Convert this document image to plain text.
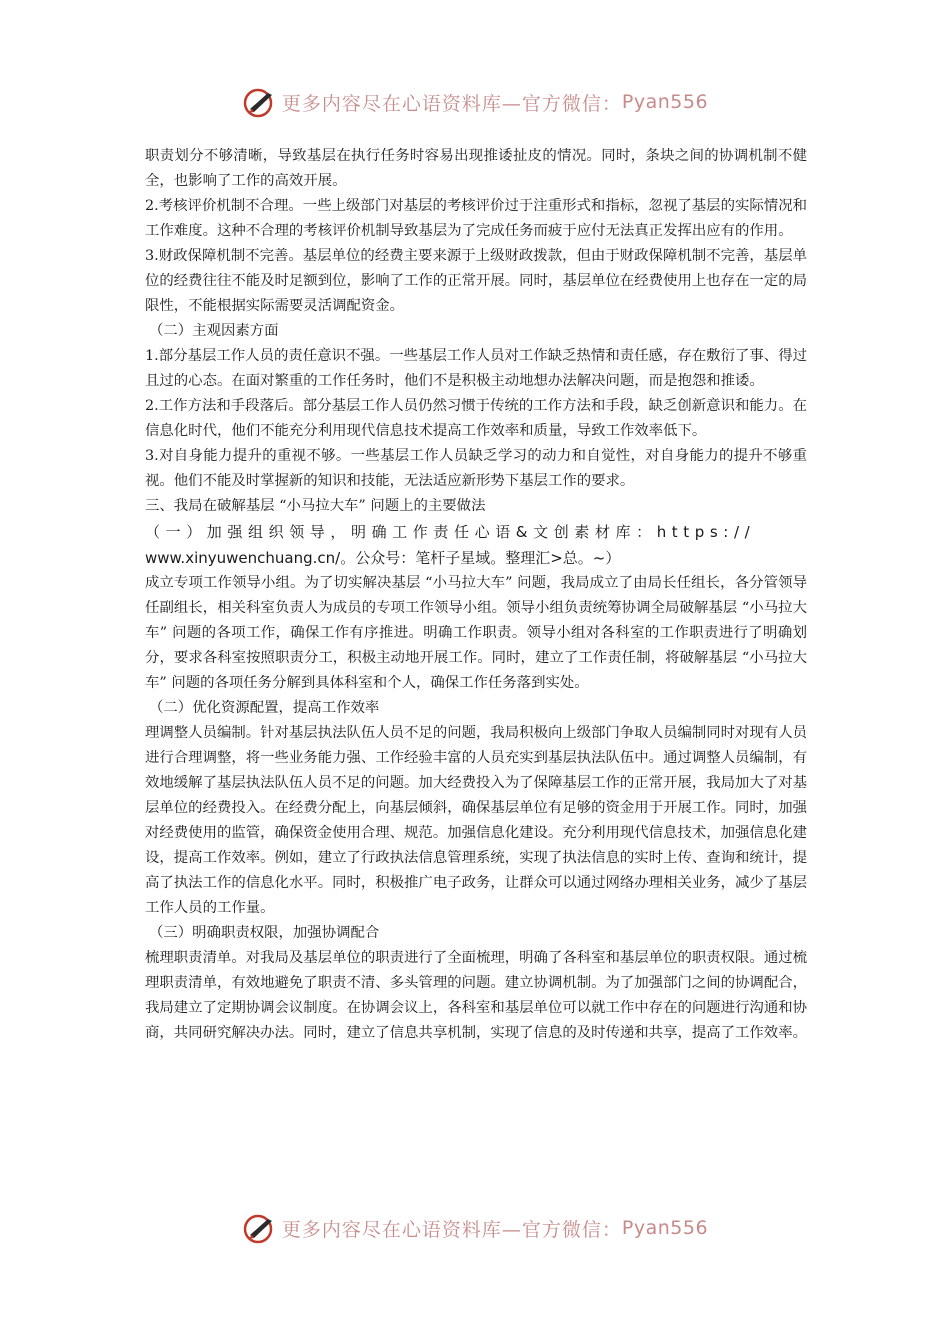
更多内容尽在心语资料库—官方微信： Pyan556

职责划分不够清晰，导致基层在执行任务时容易出现推诿扯皮的情况。同时，条块之间的协调机制不健全，也影响了工作的高效开展。

2.考核评价机制不合理。一些上级部门对基层的考核评价过于注重形式和指标，忽视了基层的实际情况和工作难度。这种不合理的考核评价机制导致基层为了完成任务而疲于应付无法真正发挥出应有的作用。

3.财政保障机制不完善。基层单位的经费主要来源于上级财政拨款，但由于财政保障机制不完善，基层单位的经费往往不能及时足额到位，影响了工作的正常开展。同时，基层单位在经费使用上也存在一定的局限性，不能根据实际需要灵活调配资金。

（二）主观因素方面

1.部分基层工作人员的责任意识不强。一些基层工作人员对工作缺乏热情和责任感，存在敷衍了事、得过且过的心态。在面对繁重的工作任务时，他们不是积极主动地想办法解决问题，而是抱怨和推诿。

2.工作方法和手段落后。部分基层工作人员仍然习惯于传统的工作方法和手段，缺乏创新意识和能力。在信息化时代，他们不能充分利用现代信息技术提高工作效率和质量，导致工作效率低下。

3.对自身能力提升的重视不够。一些基层工作人员缺乏学习的动力和自觉性，对自身能力的提升不够重视。他们不能及时掌握新的知识和技能，无法适应新形势下基层工作的要求。

三、我局在破解基层 “小马拉大车” 问题上的主要做法

（一）加强组织领导，明确工作责任心语&文创素材库：https://

www.xinyuwenchuang.cn/。公众号：笔杆子星域。整理汇>总。~）

成立专项工作领导小组。为了切实解决基层 “小马拉大车” 问题，我局成立了由局长任组长，各分管领导任副组长，相关科室负责人为成员的专项工作领导小组。领导小组负责统筹协调全局破解基层 “小马拉大车” 问题的各项工作，确保工作有序推进。明确工作职责。领导小组对各科室的工作职责进行了明确划分，要求各科室按照职责分工，积极主动地开展工作。同时，建立了工作责任制，将破解基层 “小马拉大车” 问题的各项任务分解到具体科室和个人，确保工作任务落到实处。

（二）优化资源配置，提高工作效率

理调整人员编制。针对基层执法队伍人员不足的问题，我局积极向上级部门争取人员编制同时对现有人员进行合理调整，将一些业务能力强、工作经验丰富的人员充实到基层执法队伍中。通过调整人员编制，有效地缓解了基层执法队伍人员不足的问题。加大经费投入为了保障基层工作的正常开展，我局加大了对基层单位的经费投入。在经费分配上，向基层倾斜，确保基层单位有足够的资金用于开展工作。同时，加强对经费使用的监管，确保资金使用合理、规范。加强信息化建设。充分利用现代信息技术，加强信息化建设，提高工作效率。例如，建立了行政执法信息管理系统，实现了执法信息的实时上传、查询和统计，提高了执法工作的信息化水平。同时，积极推广电子政务，让群众可以通过网络办理相关业务，减少了基层工作人员的工作量。

（三）明确职责权限，加强协调配合

梳理职责清单。对我局及基层单位的职责进行了全面梳理，明确了各科室和基层单位的职责权限。通过梳理职责清单，有效地避免了职责不清、多头管理的问题。建立协调机制。为了加强部门之间的协调配合，我局建立了定期协调会议制度。在协调会议上，各科室和基层单位可以就工作中存在的问题进行沟通和协商，共同研究解决办法。同时，建立了信息共享机制，实现了信息的及时传递和共享，提高了工作效率。

更多内容尽在心语资料库—官方微信： Pyan556
